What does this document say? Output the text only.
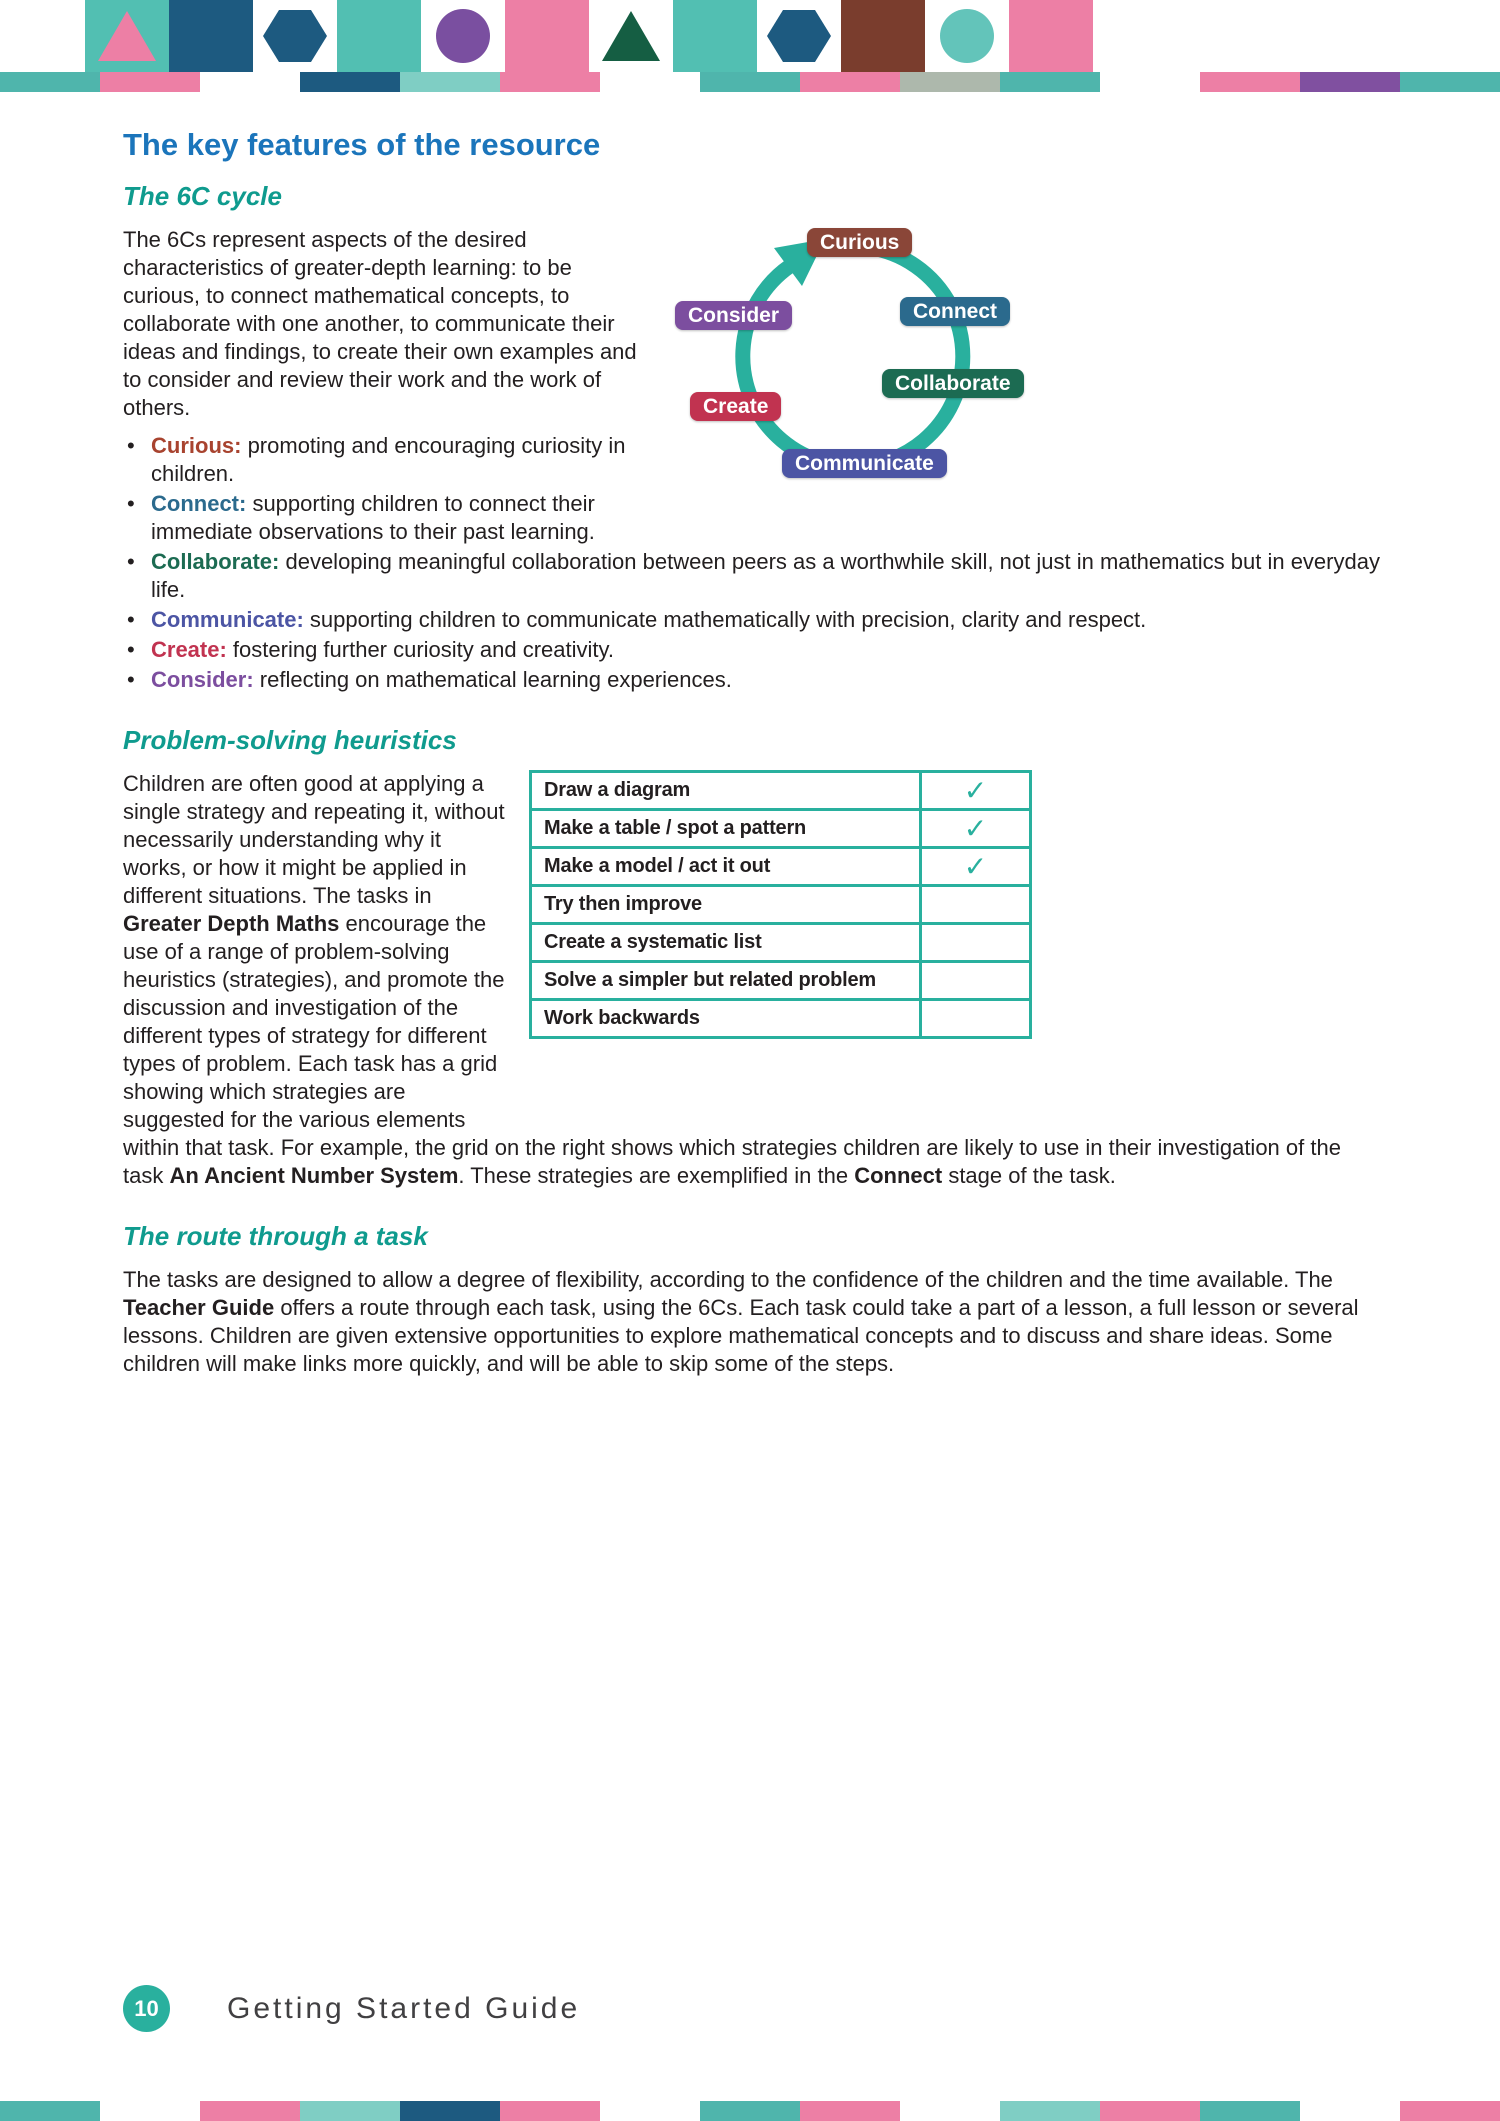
The key features of the resource
The 6C cycle
Curious
Connect
Collaborate
Communicate
Create
Consider

The 6Cs represent aspects of the desired characteristics of greater-depth learning: to be curious, to connect mathematical concepts, to collaborate with one another, to communicate their ideas and findings, to create their own examples and to consider and review their work and the work of others.

• Curious: promoting and encouraging curiosity in children.
• Connect: supporting children to connect their immediate observations to their past learning.
• Collaborate: developing meaningful collaboration between peers as a worthwhile skill, not just in mathematics but in everyday life.
• Communicate: supporting children to communicate mathematically with precision, clarity and respect.
• Create: fostering further curiosity and creativity.
• Consider: reflecting on mathematical learning experiences.
Problem-solving heuristics
Draw a diagram	✓
Make a table / spot a pattern	✓
Make a model / act it out	✓
Try then improve
Create a systematic list
Solve a simpler but related problem
Work backwards

Children are often good at applying a single strategy and repeating it, without necessarily understanding why it works, or how it might be applied in different situations. The tasks in Greater Depth Maths encourage the use of a range of problem-solving heuristics (strategies), and promote the discussion and investigation of the different types of strategy for different types of problem. Each task has a grid showing which strategies are suggested for the various elements within that task. For example, the grid on the right shows which strategies children are likely to use in their investigation of the task An Ancient Number System. These strategies are exemplified in the Connect stage of the task.

The route through a task

The tasks are designed to allow a degree of flexibility, according to the confidence of the children and the time available. The Teacher Guide offers a route through each task, using the 6Cs. Each task could take a part of a lesson, a full lesson or several lessons. Children are given extensive opportunities to explore mathematical concepts and to discuss and share ideas. Some children will make links more quickly, and will be able to skip some of the steps.

10 Getting Started Guide
